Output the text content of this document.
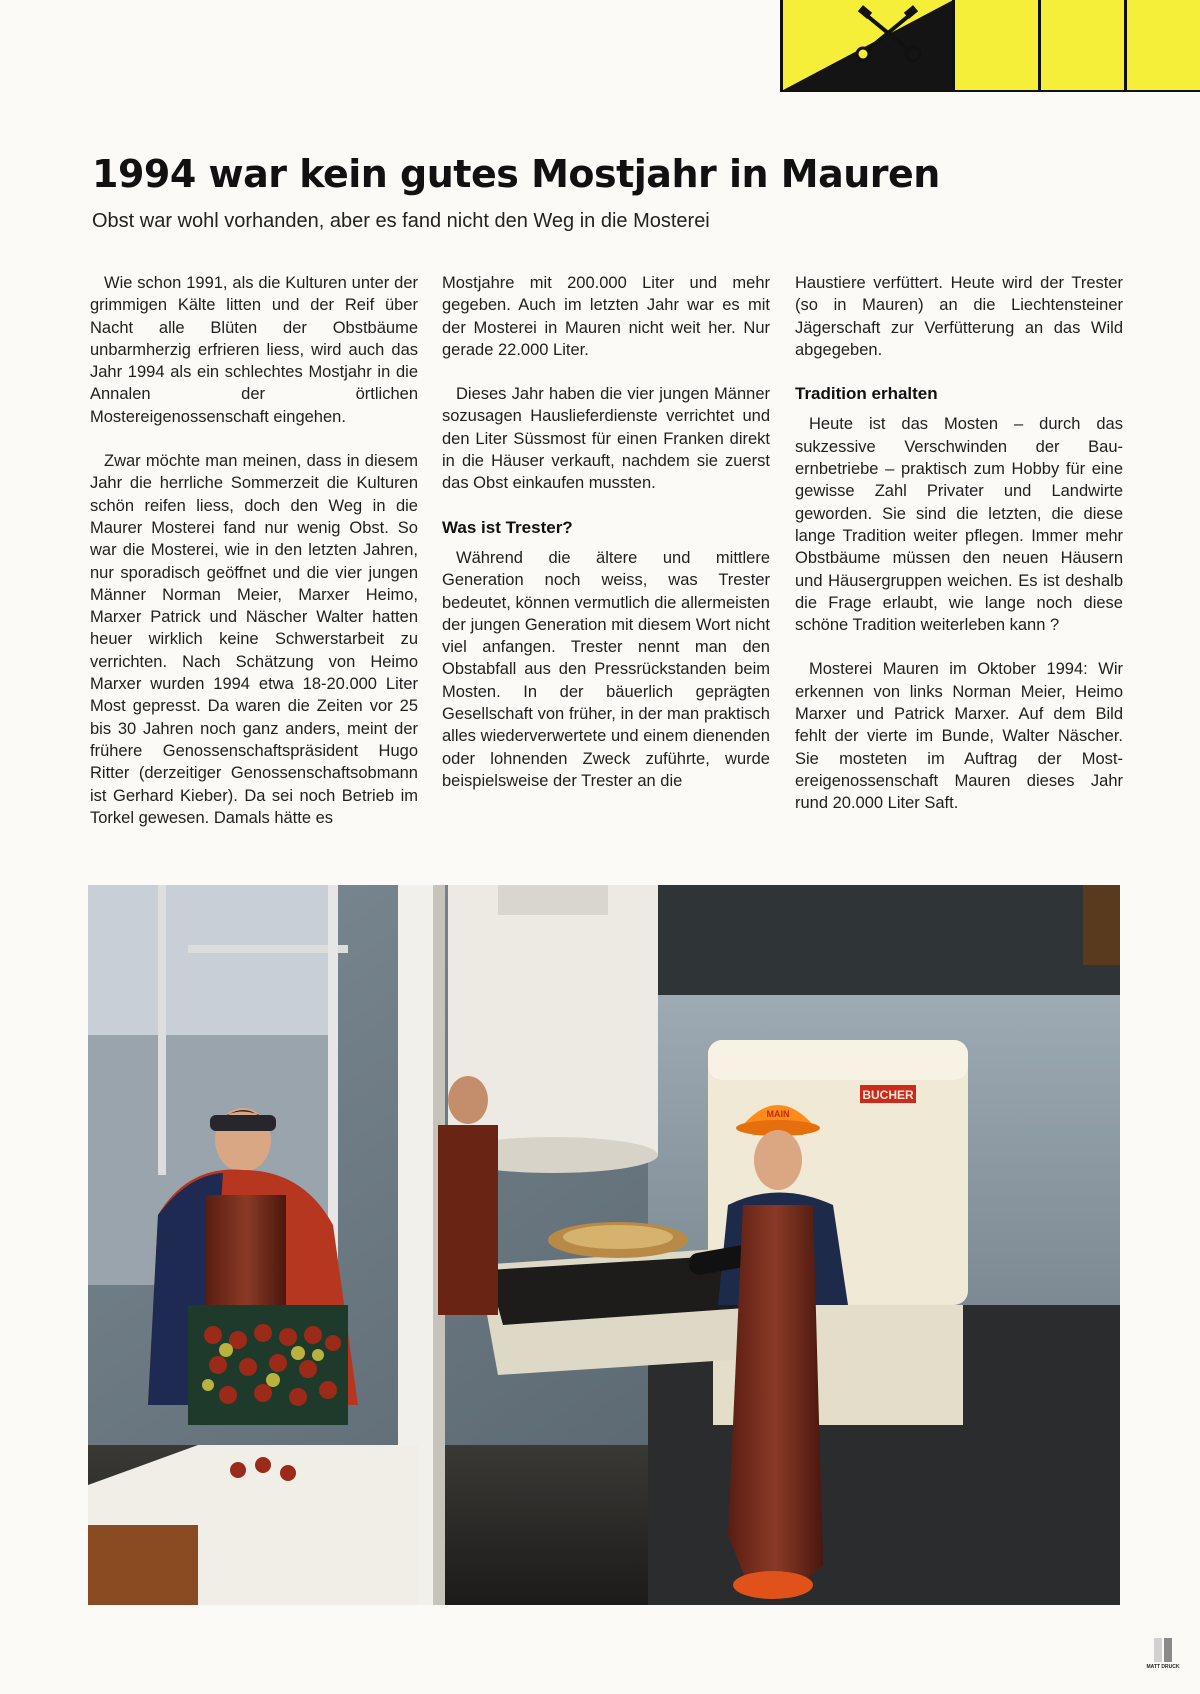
1994 war kein gutes Mostjahr in Mauren

Obst war wohl vorhanden, aber es fand nicht den Weg in die Mosterei

Wie schon 1991, als die Kulturen unter der grimmigen Kälte litten und der Reif über Nacht alle Blüten der Obstbäume unbarmherzig erfrieren liess, wird auch das Jahr 1994 als ein schlechtes Mostjahr in die Annalen der örtlichen Mostereigenossenschaft eingehen.

Zwar möchte man meinen, dass in diesem Jahr die herrliche Sommerzeit die Kulturen schön reifen liess, doch den Weg in die Maurer Mosterei fand nur wenig Obst. So war die Mosterei, wie in den letzten Jahren, nur sporadisch geöffnet und die vier jungen Männer Norman Meier, Marxer Heimo, Marxer Patrick und Näscher Walter hatten heuer wirklich keine Schwerstarbeit zu verrichten. Nach Schätzung von Heimo Marxer wurden 1994 etwa 18-20.000 Liter Most gepresst. Da waren die Zeiten vor 25 bis 30 Jahren noch ganz anders, meint der frühere Genossenschaftspräsident Hugo Ritter (derzeitiger Genossenschaftsobmann ist Gerhard Kieber). Da sei noch Betrieb im Torkel gewesen. Damals hätte es

Mostjahre mit 200.000 Liter und mehr gegeben. Auch im letzten Jahr war es mit der Mosterei in Mauren nicht weit her. Nur gerade 22.000 Liter.

Dieses Jahr haben die vier jungen Männer sozusagen Hauslieferdienste verrichtet und den Liter Süssmost für einen Franken direkt in die Häuser verkauft, nachdem sie zuerst das Obst einkaufen mussten.

Was ist Trester?

Während die ältere und mittlere Generation noch weiss, was Trester bedeutet, können vermutlich die allermeisten der jungen Generation mit diesem Wort nicht viel anfangen. Trester nennt man den Obstabfall aus den Pressrückstanden beim Mosten. In der bäuerlich geprägten Gesellschaft von früher, in der man praktisch alles wiederverwertete und einem dienenden oder lohnenden Zweck zuführte, wurde beispielsweise der Trester an die

Haustiere verfüttert. Heute wird der Trester (so in Mauren) an die Liechtensteiner Jägerschaft zur Verfütterung an das Wild abgegeben.

Tradition erhalten

Heute ist das Mosten – durch das sukzessive Verschwinden der Bauernbetriebe – praktisch zum Hobby für eine gewisse Zahl Privater und Landwirte geworden. Sie sind die letzten, die diese lange Tradition weiter pflegen. Immer mehr Obstbäume müssen den neuen Häusern und Häusergruppen weichen. Es ist deshalb die Frage erlaubt, wie lange noch diese schöne Tradition weiterleben kann ?

Mosterei Mauren im Oktober 1994: Wir erkennen von links Norman Meier, Heimo Marxer und Patrick Marxer. Auf dem Bild fehlt der vierte im Bunde, Walter Näscher. Sie mosteten im Auftrag der Mostereigenossenschaft Mauren dieses Jahr rund 20.000 Liter Saft.

BUCHER
MAIN
MATT DRUCK
